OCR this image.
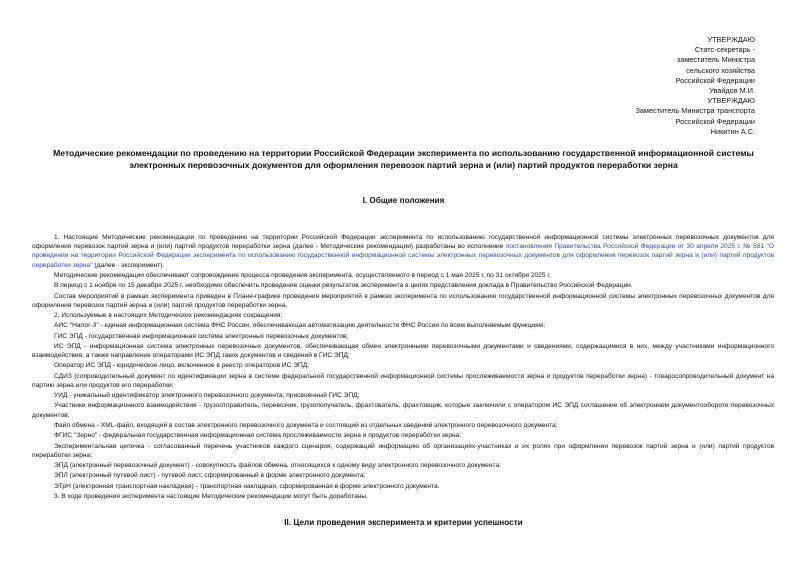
УТВЕРЖДАЮ
Статс-секретарь -
заместитель Министра
сельского хозяйства
Российской Федерации
Увайдов М.И.
УТВЕРЖДАЮ
Заместитель Министра транспорта
Российской Федерации
Никитин А.С.
Методические рекомендации по проведению на территории Российской Федерации эксперимента по использованию государственной информационной системы электронных перевозочных документов для оформления перевозок партий зерна и (или) партий продуктов переработки зерна
I. Общие положения

1. Настоящие Методические рекомендации по проведению на территории Российской Федерации эксперимента по использованию государственной информационной системы электронных перевозочных документов для оформления перевозок партий зерна и (или) партий продуктов переработки зерна (далее - Методические рекомендации) разработаны во исполнение постановления Правительства Российской Федерации от 30 апреля 2025 г. № 581 "О проведении на территории Российской Федерации эксперимента по использованию государственной информационной системы электронных перевозочных документов для оформления перевозок партий зерна и (или) партий продуктов переработки зерна" (далее - эксперимент).

Методические рекомендации обеспечивают сопровождение процесса проведения эксперимента, осуществляемого в период с 1 мая 2025 г. по 31 октября 2025 г.

В период с 1 ноября по 15 декабря 2025 г. необходимо обеспечить проведение оценки результатов эксперимента в целях представления доклада в Правительство Российской Федерации.

Состав мероприятий в рамках эксперимента приведен в Плане-графике проведения мероприятий в рамках эксперимента по использованию государственной информационной системы электронных перевозочных документов для оформления перевозок партий зерна и (или) партий продуктов переработки зерна.

2. Используемые в настоящих Методических рекомендациях сокращения:

АИС "Налог-3" - единая информационная система ФНС России, обеспечивающая автоматизацию деятельности ФНС России по всем выполняемым функциям;

ГИС ЭПД - государственная информационная система электронных перевозочных документов;

ИС ЭПД - информационная система электронных перевозочных документов, обеспечивающая обмен электронными перевозочными документами и сведениями, содержащимися в них, между участниками информационного взаимодействия, а также направление операторами ИС ЭПД таких документов и сведений в ГИС ЭПД;

Оператор ИС ЭПД - юридическое лицо, включенное в реестр операторов ИС ЭПД;

СДИЗ (сопроводительный документ по идентификации зерна в системе федеральной государственной информационной системы прослеживаемости зерна и продуктов переработки зерна) - товаросопроводительный документ на партию зерна или продуктов его переработки;

УИД - уникальный идентификатор электронного перевозочного документа, присвоенный ГИС ЭПД;

Участники информационного взаимодействия - грузоотправитель, перевозчик, грузополучатель, фрахтователь, фрахтовщик, которые заключили с оператором ИС ЭПД соглашение об электронном документообороте перевозочных документов;

Файл обмена - XML-файл, входящий в состав электронного перевозочного документа и состоящий из отдельных сведений электронного перевозочного документа;

ФГИС "Зерно" - федеральная государственная информационная система прослеживаемости зерна и продуктов переработки зерна;

Экспериментальная цепочка - согласованный перечень участников каждого сценария, содержащий информацию об организациях-участниках и их ролях при оформлении перевозок партий зерна и (или) партий продуктов переработки зерна;

ЭПД (электронный перевозочный документ) - совокупность файлов обмена, относящихся к одному виду электронного перевозочного документа;

ЭПЛ (электронный путевой лист) - путевой лист, сформированный в форме электронного документа;

ЭТрН (электронная транспортная накладная) - транспортная накладная, сформированная в форме электронного документа.

3. В ходе проведения эксперимента настоящие Методические рекомендации могут быть доработаны.

II. Цели проведения эксперимента и критерии успешности
